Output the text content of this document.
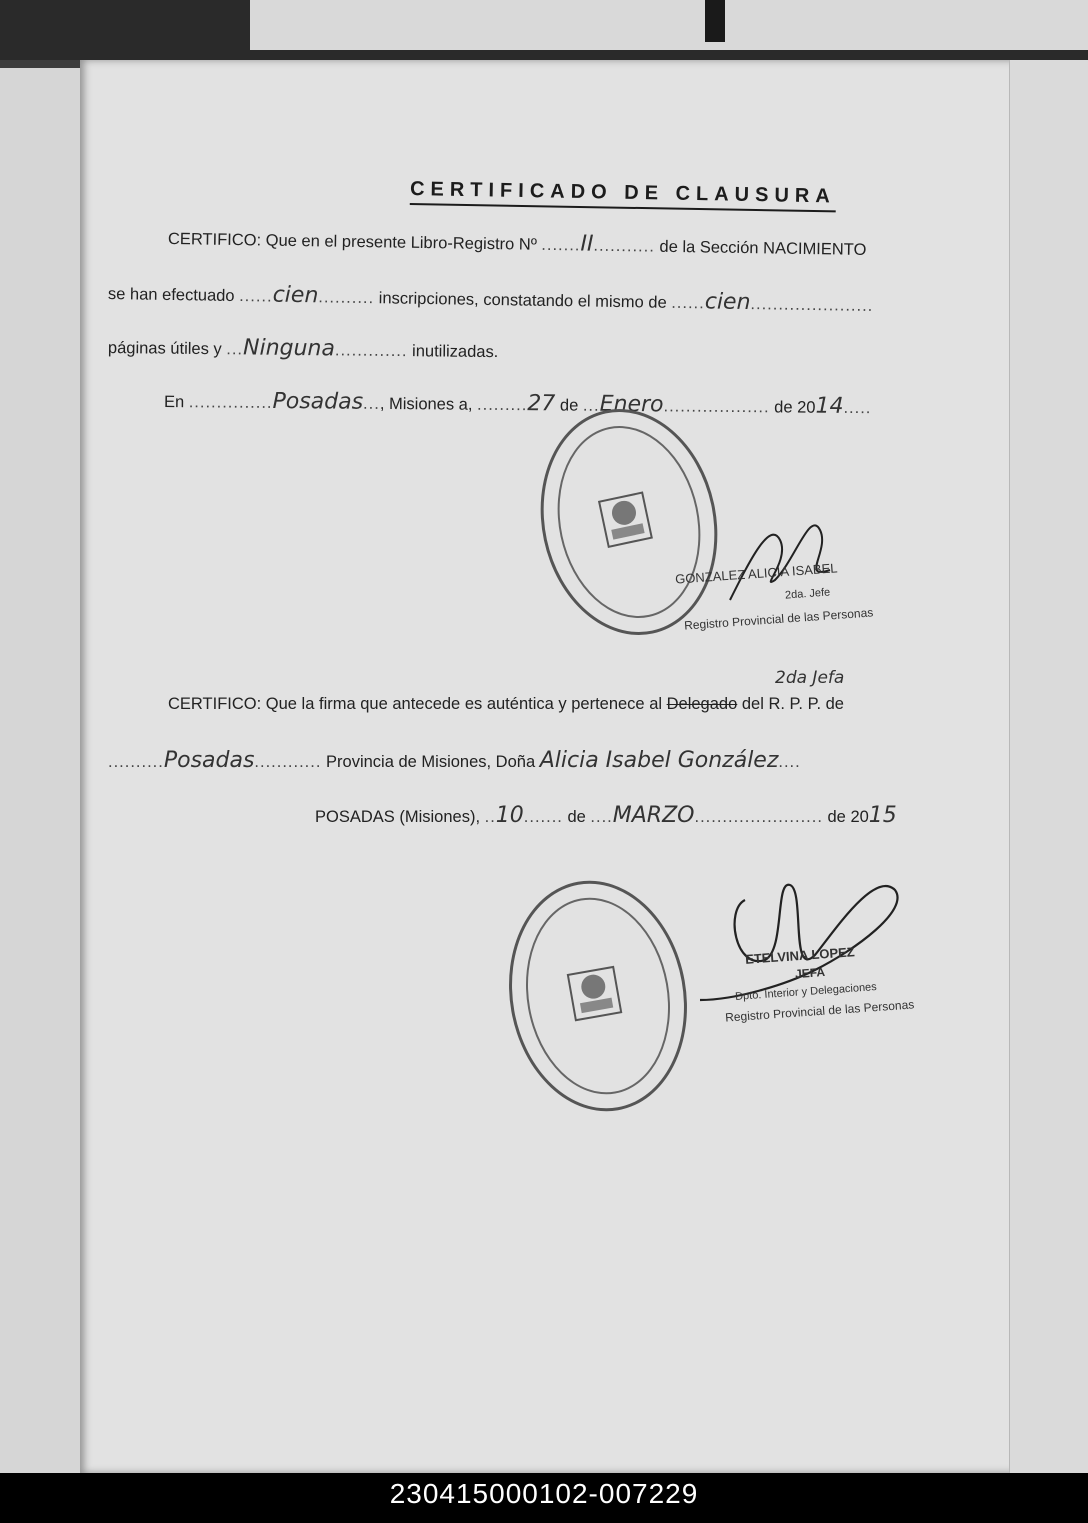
CERTIFICADO DE CLAUSURA
CERTIFICO: Que en el presente Libro-Registro Nº .......II........... de la Sección NACIMIENTO
se han efectuado ......cien.......... inscripciones, constatando el mismo de ......cien......................
páginas útiles y ...Ninguna............. inutilizadas.
En ...............Posadas..., Misiones a, .........27 de ...Enero................... de 2014.....
GONZALEZ ALICIA ISABEL
2da. Jefe
Registro Provincial de las Personas
2da Jefa
CERTIFICO: Que la firma que antecede es auténtica y pertenece al Delegado del R. P. P. de
..........Posadas............ Provincia de Misiones, Doña Alicia Isabel González....
POSADAS (Misiones), ..10....... de ....MARZO....................... de 2015
ETELVINA LOPEZ
JEFA
Dpto. Interior y Delegaciones
Registro Provincial de las Personas
230415000102-007229
